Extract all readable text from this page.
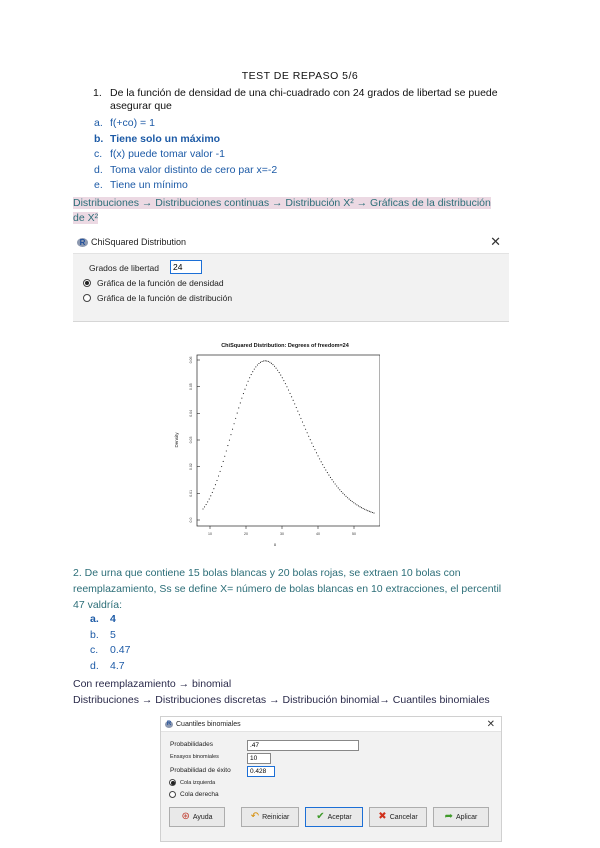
TEST DE REPASO 5/6
1. De la función de densidad de una chi-cuadrado con 24 grados de libertad se puede asegurar que
a. f(+co) = 1
b. Tiene solo un máximo
c. f(x) puede tomar valor -1
d. Toma valor distinto de cero par x=-2
e. Tiene un mínimo
Distribuciones → Distribuciones continuas → Distribución X² → Gráficas de la distribución de X²
R ChiSquared Distribution	✕
Grados de libertad	24
Gráfica de la función de densidad
Gráfica de la función de distribución
ChiSquared Distribution: Degrees of freedom=24
0.0
0.01
0.02
0.03
0.04
0.05
0.06
10	20	30	40	50
x
Density
2. De urna que contiene 15 bolas blancas y 20 bolas rojas, se extraen 10 bolas con reemplazamiento, Ss se define X= número de bolas blancas en 10 extracciones, el percentil 47 valdría:
a.	4
b.	5
c.	0.47
d.	4.7
Con reemplazamiento → binomial
Distribuciones → Distribuciones discretas → Distribución binomial→ Cuantiles binomiales
R Cuantiles binomiales	✕
Probabilidades	.47
Ensayos binomiales	10
Probabilidad de éxito	0.428
Cola izquierda
Cola derecha
⊛ Ayuda	↶ Reiniciar	✔ Aceptar	✖ Cancelar	➦ Aplicar
